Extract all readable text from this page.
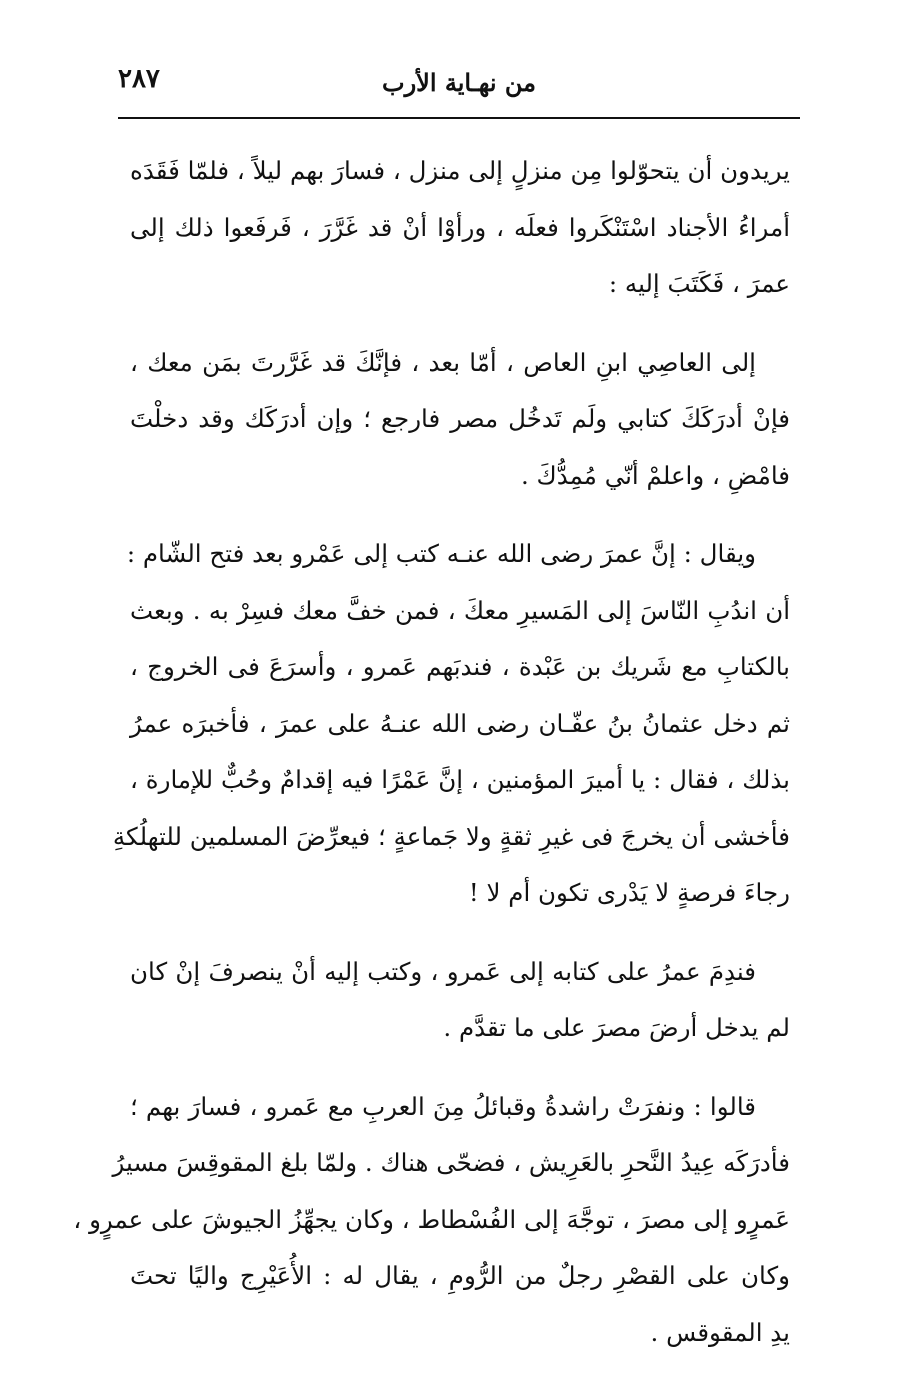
من نهـاية الأرب
٢٨٧

يريدون أن يتحوّلوا مِن منزلٍ إلى منزل ، فسارَ بهم ليلاً ، فلمّا فَقَدَه
أمراءُ الأجناد اسْتَنْكَروا فعلَه ، ورأوْا أنْ قد غَرَّرَ ، فَرفَعوا ذلك إلى
عمرَ ، فَكَتَبَ إليه :

إلى العاصِي ابنِ العاص ، أمّا بعد ، فإنَّكَ قد غَرَّرتَ بمَن معك ،
فإنْ أدرَكَكَ كتابي ولَم تَدخُل مصر فارجع ؛ وإن أدرَكَك وقد دخلْتَ
فامْضِ ، واعلمْ أنّي مُمِدُّكَ .

ويقال : إنَّ عمرَ رضى الله عنـه كتب إلى عَمْرو بعد فتح الشّام :
أن اندُبِ النّاسَ إلى المَسيرِ معكَ ، فمن خفَّ معك فسِرْ به . وبعث
بالكتابِ مع شَريك بن عَبْدة ، فندبَهم عَمرو ، وأسرَعَ فى الخروج ،
ثم دخل عثمانُ بنُ عفّـان رضى الله عنـهُ على عمرَ ، فأخبرَه عمرُ
بذلك ، فقال : يا أميرَ المؤمنين ، إنَّ عَمْرًا فيه إقدامٌ وحُبٌّ للإمارة ،
فأخشى أن يخرجَ فى غيرِ ثقةٍ ولا جَماعةٍ ؛ فيعرِّضَ المسلمين للتهلُكةِ
رجاءَ فرصةٍ لا يَدْرى تكون أم لا !

فندِمَ عمرُ على كتابه إلى عَمرو ، وكتب إليه أنْ ينصرفَ إنْ كان
لم يدخل أرضَ مصرَ على ما تقدَّم .

قالوا : ونفرَتْ راشدةُ وقبائلُ مِنَ العربِ مع عَمرو ، فسارَ بهم ؛
فأدرَكَه عِيدُ النَّحرِ بالعَرِيش ، فضحّى هناك . ولمّا بلغ المقوقِسَ مسيرُ
عَمرٍو إلى مصرَ ، توجَّهَ إلى الفُسْطاط ، وكان يجهِّزُ الجيوشَ على عمرٍو ،
وكان على القصْرِ رجلٌ من الرُّومِ ، يقال له : الأُعَيْرِج واليًا تحتَ
يدِ المقوقس .
